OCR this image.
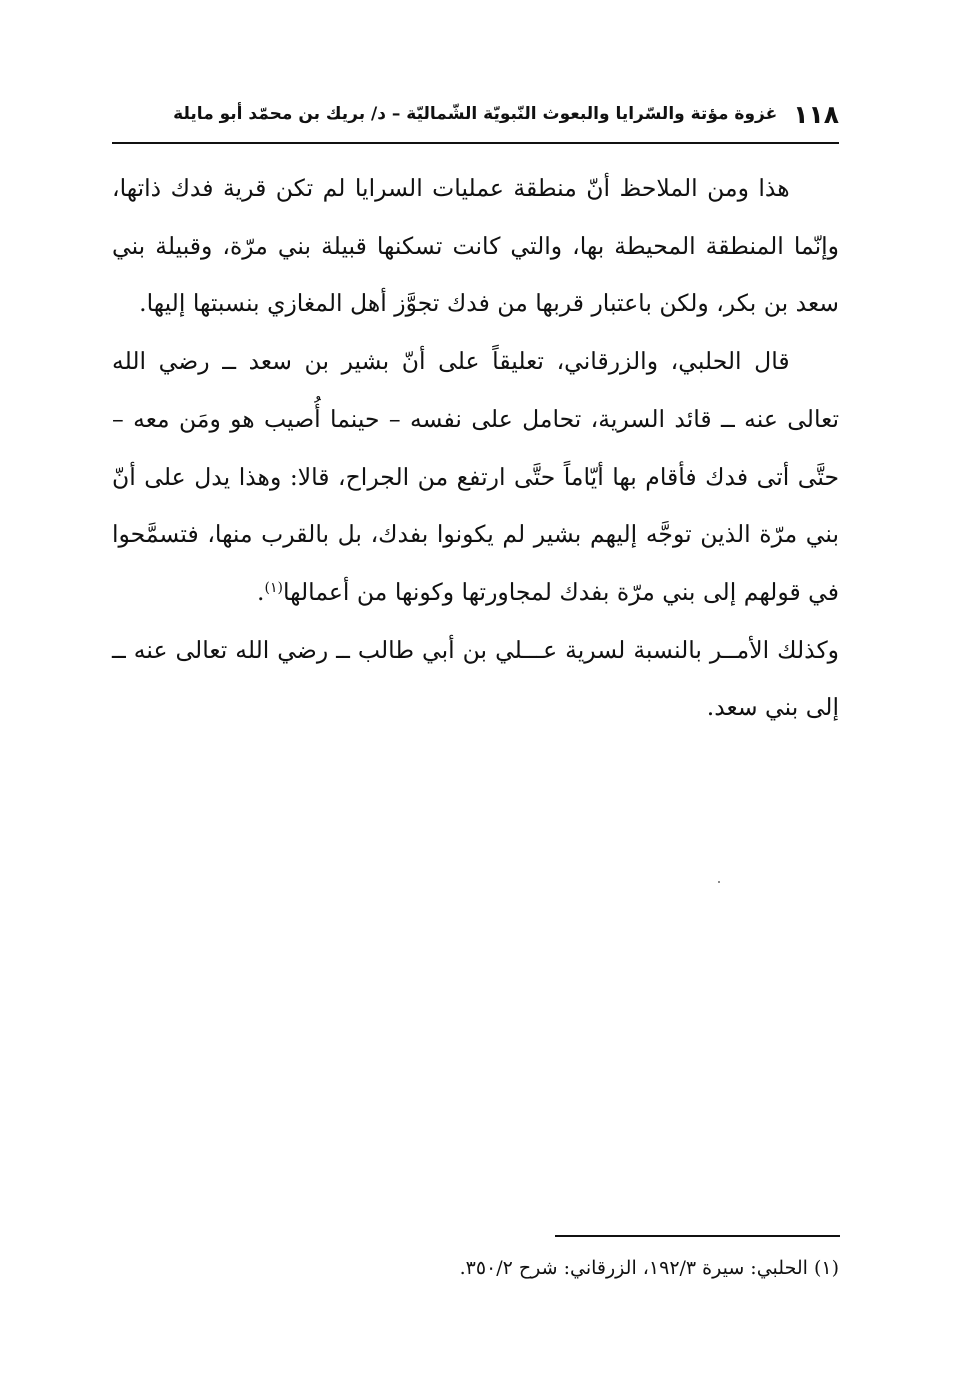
١١٨
غزوة مؤتة والسّرايا والبعوث النّبويّة الشّماليّة – د/ بريك بن محمّد أبو مايلة

هذا ومن الملاحظ أنّ منطقة عمليات السرايا لم تكن قرية فدك ذاتها، وإنّما المنطقة المحيطة بها، والتي كانت تسكنها قبيلة بني مرّة، وقبيلة بني سعد بن بكر، ولكن باعتبار قربها من فدك تجوَّز أهل المغازي بنسبتها إليها.

قال الحلبي، والزرقاني، تعليقاً على أنّ بشير بن سعد ــ رضي الله تعالى عنه ــ قائد السرية، تحامل على نفسه – حينما أُصيب هو ومَن معه – حتَّى أتى فدك فأقام بها أيّاماً حتَّى ارتفع من الجراح، قالا: وهذا يدل على أنّ بني مرّة الذين توجَّه إليهم بشير لم يكونوا بفدك، بل بالقرب منها، فتسمَّحوا في قولهم إلى بني مرّة بفدك لمجاورتها وكونها من أعمالها$^{(١)}$.

وكذلك الأمــر بالنسبة لسرية عـــلي بن أبي طالب ــ رضي الله تعالى عنه ــ إلى بني سعد.

(١) الحلبي: سيرة ١٩٢/٣، الزرقاني: شرح ٣٥٠/٢.
